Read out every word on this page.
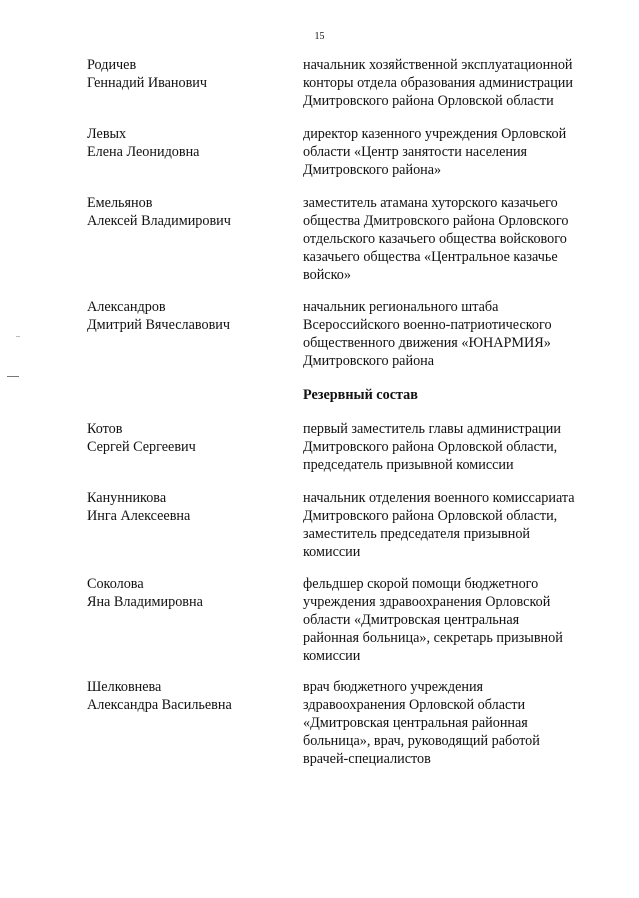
15
Родичев
Геннадий Иванович
начальник хозяйственной эксплуатационной
конторы отдела образования администрации
Дмитровского района Орловской области
Левых
Елена Леонидовна
директор казенного учреждения Орловской
области «Центр занятости населения
Дмитровского района»
Емельянов
Алексей Владимирович
заместитель атамана хуторского казачьего
общества Дмитровского района Орловского
отдельского казачьего общества войскового
казачьего общества «Центральное казачье
войско»
Александров
Дмитрий Вячеславович
начальник регионального штаба
Всероссийского военно-патриотического
общественного движения «ЮНАРМИЯ»
Дмитровского района
Резервный состав
Котов
Сергей Сергеевич
первый заместитель главы администрации
Дмитровского района Орловской области,
председатель призывной комиссии
Канунникова
Инга Алексеевна
начальник отделения военного комиссариата
Дмитровского района Орловской области,
заместитель председателя призывной
комиссии
Соколова
Яна Владимировна
фельдшер скорой помощи бюджетного
учреждения здравоохранения Орловской
области «Дмитровская центральная
районная больница», секретарь призывной
комиссии
Шелковнева
Александра Васильевна
врач бюджетного учреждения
здравоохранения Орловской области
«Дмитровская центральная районная
больница», врач, руководящий работой
врачей-специалистов
